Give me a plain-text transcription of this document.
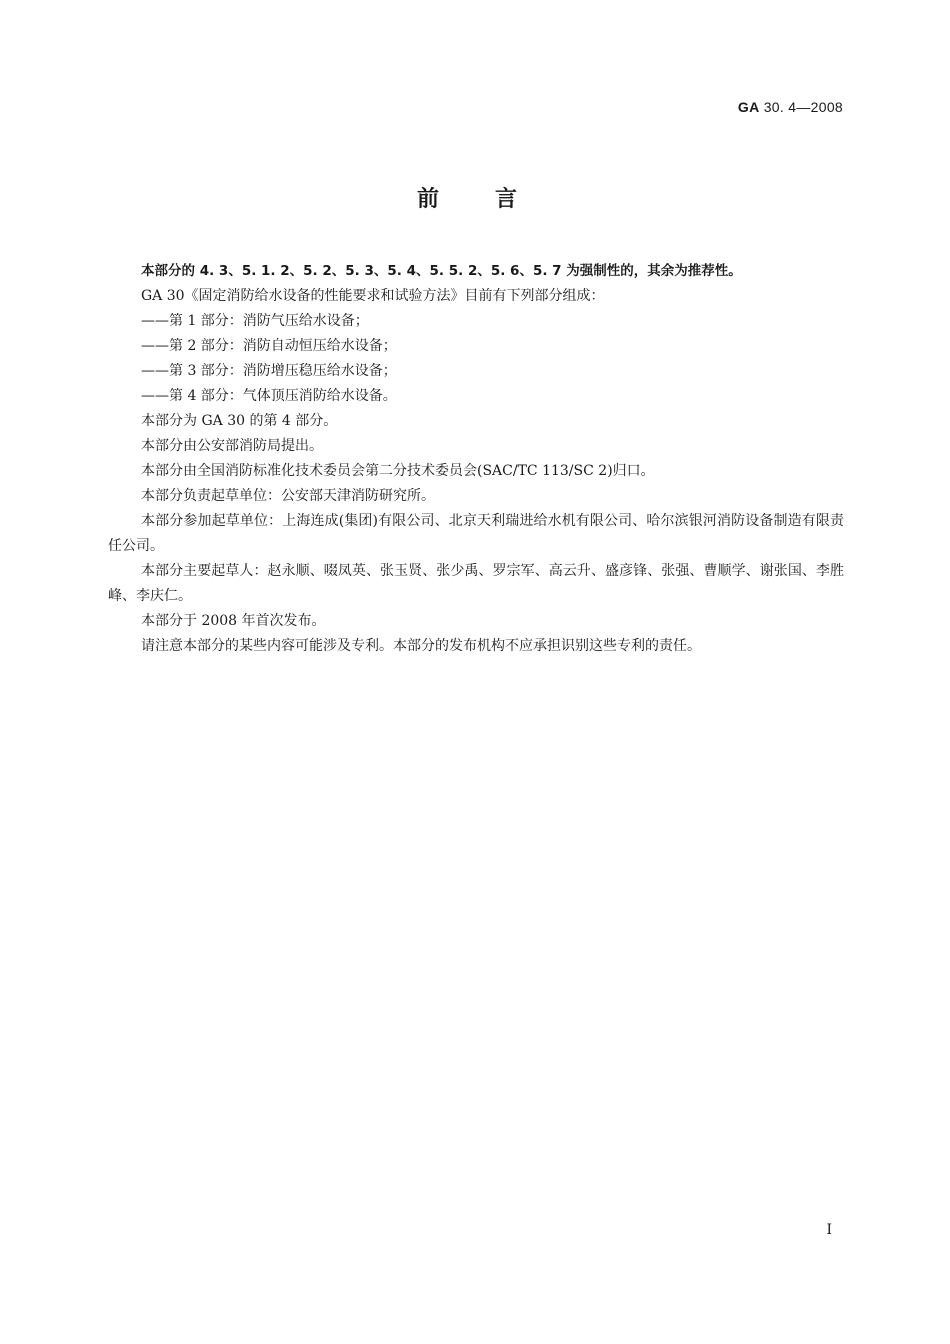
GA 30. 4—2008
前言

本部分的 4. 3、5. 1. 2、5. 2、5. 3、5. 4、5. 5. 2、5. 6、5. 7 为强制性的，其余为推荐性。

GA 30《固定消防给水设备的性能要求和试验方法》目前有下列部分组成：

——第 1 部分：消防气压给水设备；

——第 2 部分：消防自动恒压给水设备；

——第 3 部分：消防增压稳压给水设备；

——第 4 部分：气体顶压消防给水设备。

本部分为 GA 30 的第 4 部分。

本部分由公安部消防局提出。

本部分由全国消防标准化技术委员会第二分技术委员会(SAC/TC 113/SC 2)归口。

本部分负责起草单位：公安部天津消防研究所。

本部分参加起草单位：上海连成(集团)有限公司、北京天利瑞进给水机有限公司、哈尔滨银河消防设备制造有限责任公司。

本部分主要起草人：赵永顺、啜凤英、张玉贤、张少禹、罗宗军、高云升、盛彦锋、张强、曹顺学、谢张国、李胜峰、李庆仁。

本部分于 2008 年首次发布。

请注意本部分的某些内容可能涉及专利。本部分的发布机构不应承担识别这些专利的责任。

I
